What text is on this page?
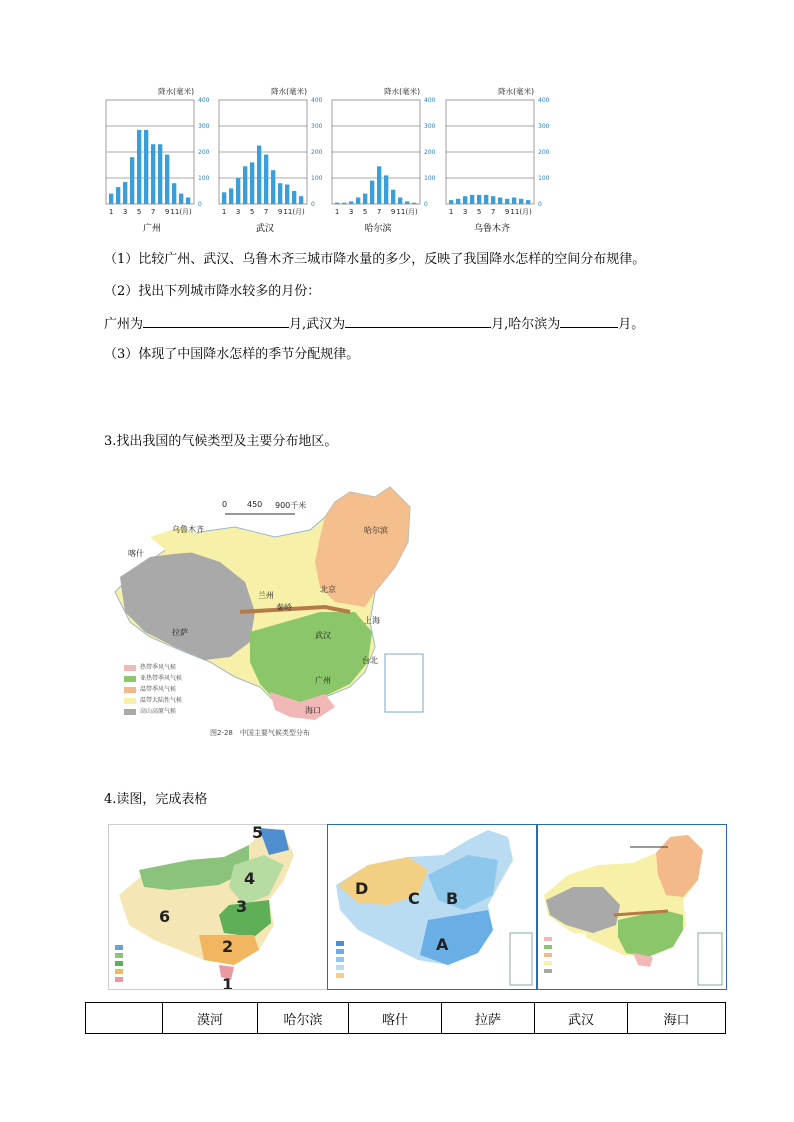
0
100
200
300
400
降水(毫米)
1 3 5 7 9 11(月)
广州
0
100
200
300
400
降水(毫米)
1 3 5 7 9 11(月)
武汉
0
100
200
300
400
降水(毫米)
1 3 5 7 9 11(月)
哈尔滨
0
100
200
300
400
降水(毫米)
1 3 5 7 9 11(月)
乌鲁木齐
（1）比较广州、武汉、乌鲁木齐三城市降水量的多少，反映了我国降水怎样的空间分布规律。
（2）找出下列城市降水较多的月份：
广州为	月,武汉为	月,哈尔滨为	月。
（3）体现了中国降水怎样的季节分配规律。
3.找出我国的气候类型及主要分布地区。
0 450 900千米
乌鲁木齐
喀什
哈尔滨
北京
兰州
秦岭
拉萨	武汉
上海
台北
广州
海口
热带季风气候
亚热带季风气候
温带季风气候
温带大陆性气候
高山高原气候
图2-28　中国主要气候类型分布
4.读图，完成表格
5
4
3
6
2
1
D
C B
A
	漠河	哈尔滨	喀什	拉萨	武汉	海口
